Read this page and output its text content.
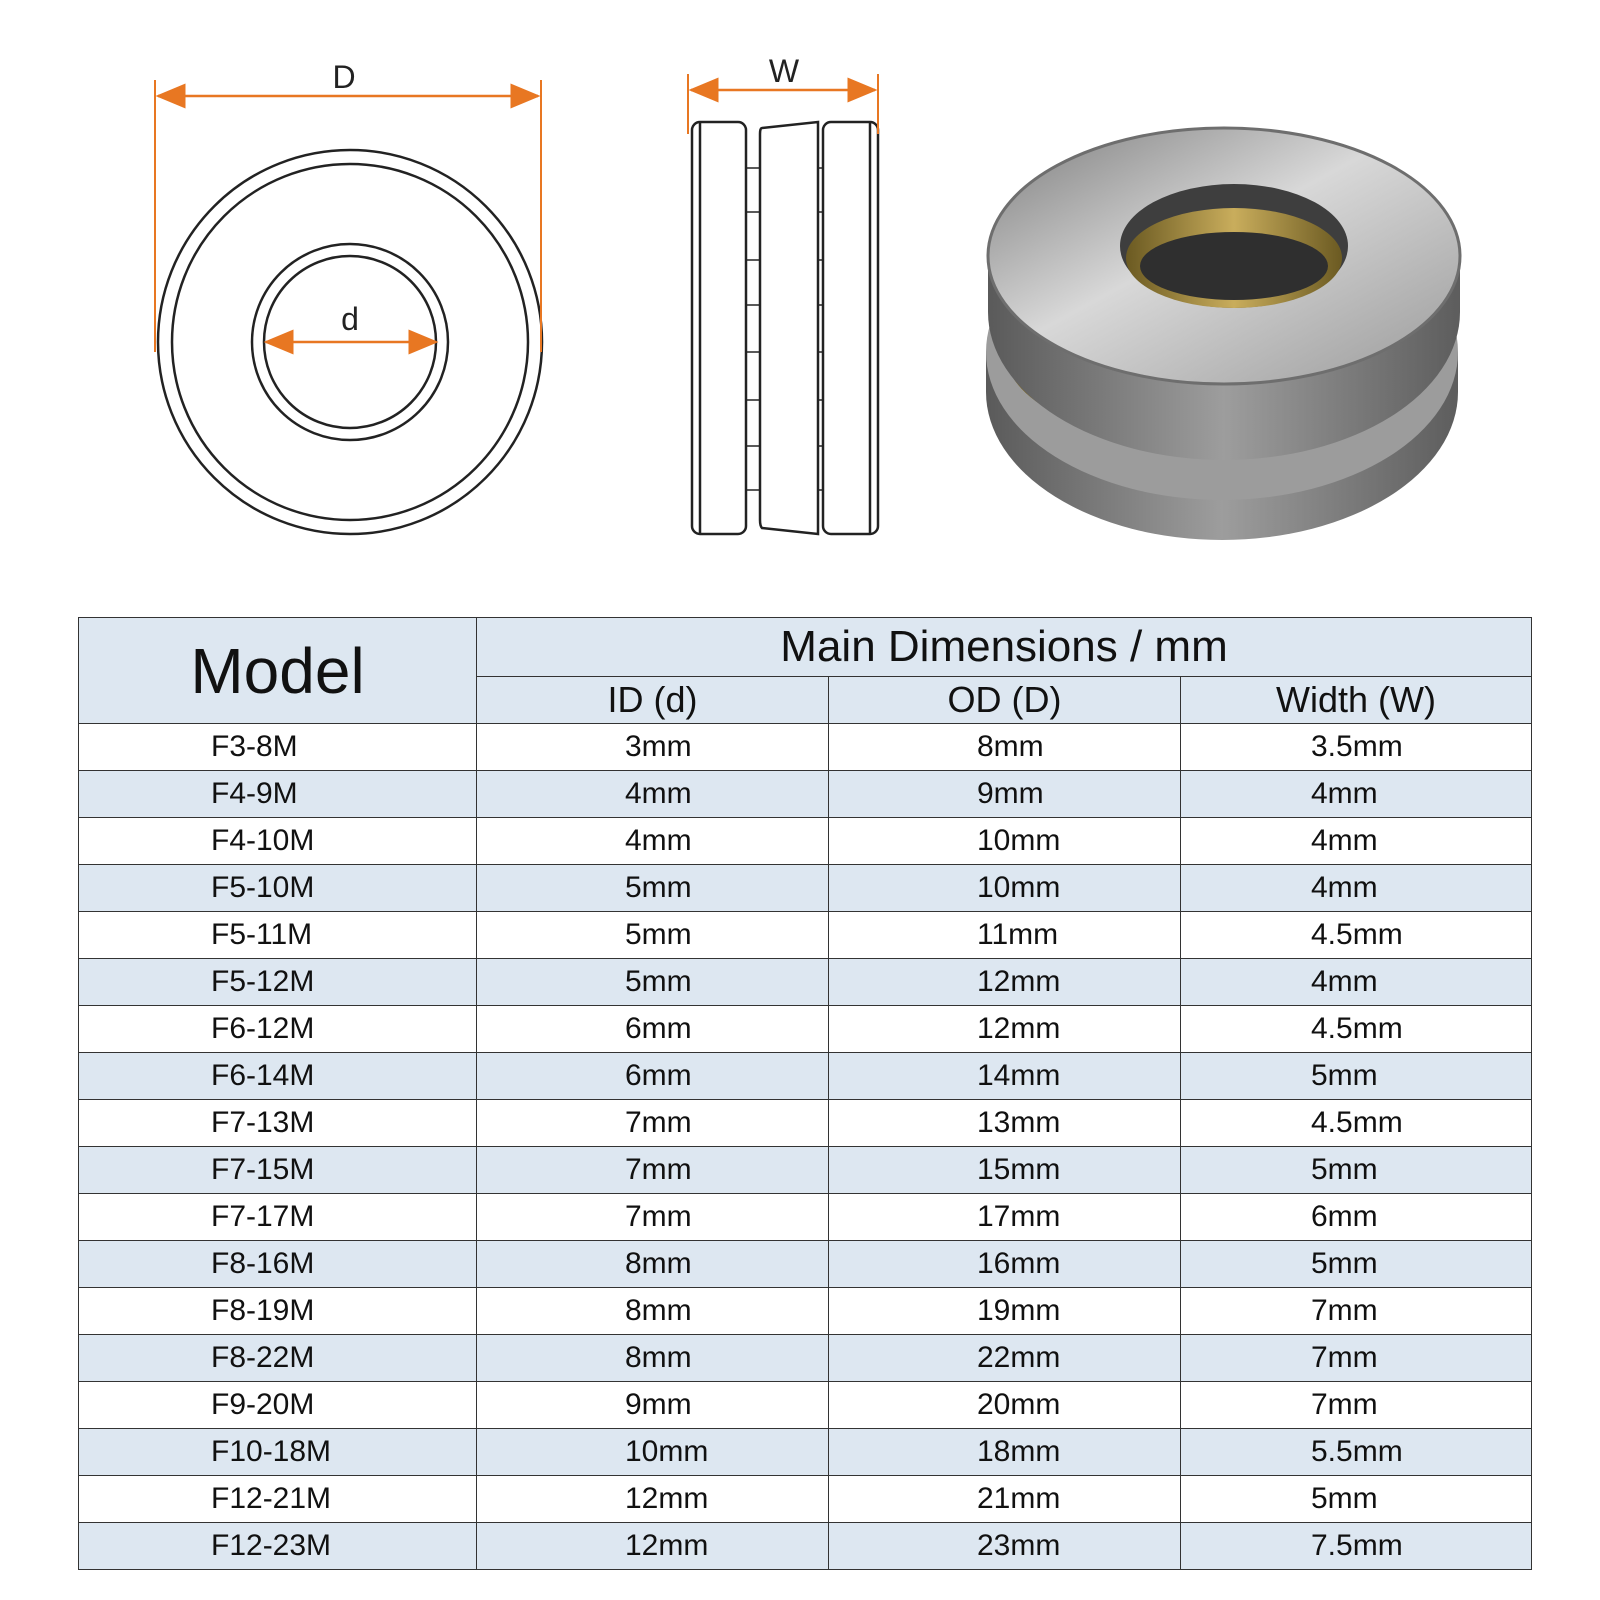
D
d
W
Model	Main Dimensions / mm		
	ID (d)	OD (D)	Width (W)
F3-8M	3mm	8mm	3.5mm
F4-9M	4mm	9mm	4mm
F4-10M	4mm	10mm	4mm
F5-10M	5mm	10mm	4mm
F5-11M	5mm	11mm	4.5mm
F5-12M	5mm	12mm	4mm
F6-12M	6mm	12mm	4.5mm
F6-14M	6mm	14mm	5mm
F7-13M	7mm	13mm	4.5mm
F7-15M	7mm	15mm	5mm
F7-17M	7mm	17mm	6mm
F8-16M	8mm	16mm	5mm
F8-19M	8mm	19mm	7mm
F8-22M	8mm	22mm	7mm
F9-20M	9mm	20mm	7mm
F10-18M	10mm	18mm	5.5mm
F12-21M	12mm	21mm	5mm
F12-23M	12mm	23mm	7.5mm
